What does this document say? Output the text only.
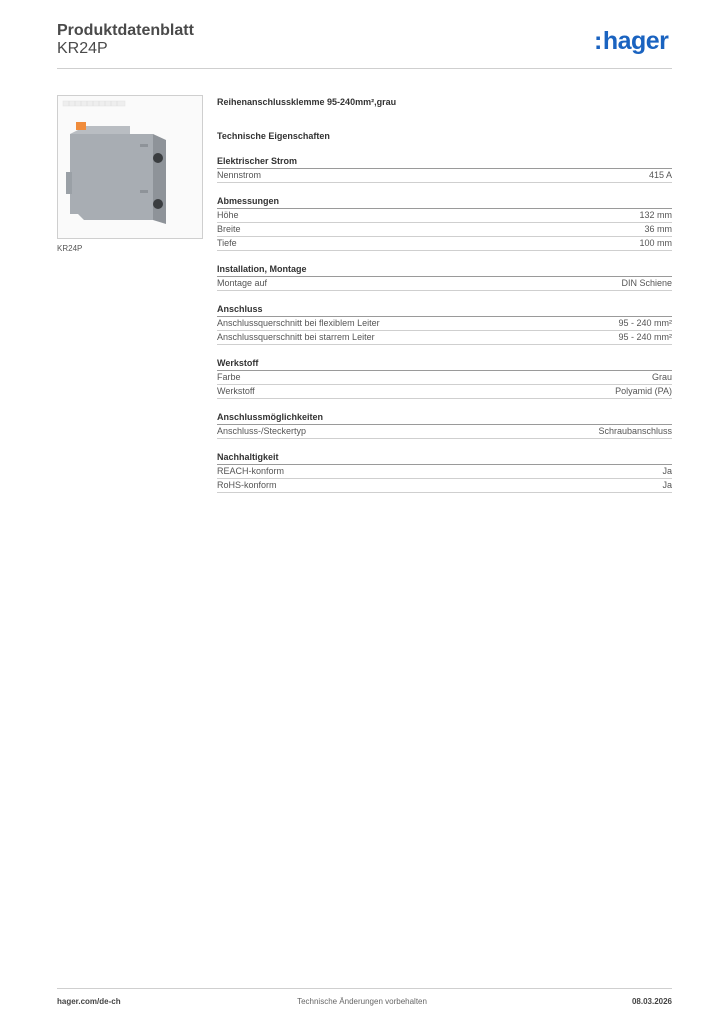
Produktdatenblatt
KR24P	:hager
KR24P
Reihenanschlussklemme 95-240mm²,grau
Technische Eigenschaften
Elektrischer Strom
Nennstrom	415 A
Abmessungen
Höhe	132 mm
Breite	36 mm
Tiefe	100 mm
Installation, Montage
Montage auf	DIN Schiene
Anschluss
Anschlussquerschnitt bei flexiblem Leiter	95 - 240 mm²
Anschlussquerschnitt bei starrem Leiter	95 - 240 mm²
Werkstoff
Farbe	Grau
Werkstoff	Polyamid (PA)
Anschlussmöglichkeiten
Anschluss-/Steckertyp	Schraubanschluss
Nachhaltigkeit
REACH-konform	Ja
RoHS-konform	Ja
hager.com/de-ch	Technische Änderungen vorbehalten	08.03.2026
